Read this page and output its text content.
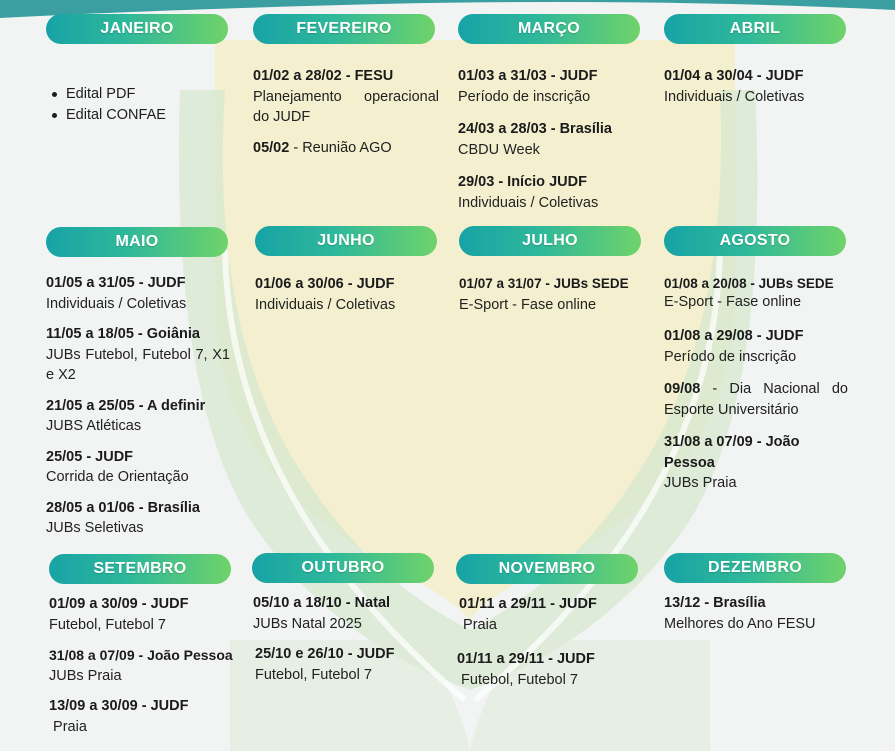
JANEIRO
Edital PDF
Edital CONFAE
FEVEREIRO
01/02 a 28/02 - FESU
Planejamento operacional do JUDF
05/02 - Reunião AGO
MARÇO
01/03 a 31/03 - JUDF
Período de inscrição
24/03 a 28/03 - Brasília
CBDU Week
29/03 - Início JUDF
Individuais / Coletivas
ABRIL
01/04 a 30/04 - JUDF
Individuais / Coletivas
MAIO
01/05 a 31/05 - JUDF
Individuais / Coletivas
11/05 a 18/05 - Goiânia
JUBs Futebol, Futebol 7, X1 e X2
21/05 a 25/05 - A definir
JUBS Atléticas
25/05 - JUDF
Corrida de Orientação
28/05 a 01/06 - Brasília
JUBs Seletivas
JUNHO
01/06 a 30/06 - JUDF
Individuais / Coletivas
JULHO
01/07 a 31/07 - JUBs SEDE
E-Sport - Fase online
AGOSTO
01/08 a 20/08 - JUBs SEDE
E-Sport - Fase online
01/08 a 29/08 - JUDF
Período de inscrição
09/08 - Dia Nacional do Esporte Universitário
31/08 a 07/09 - João Pessoa
JUBs Praia
SETEMBRO
01/09 a 30/09 - JUDF
Futebol, Futebol 7
31/08 a 07/09 - João Pessoa
JUBs Praia
13/09 a 30/09 - JUDF
Praia
OUTUBRO
05/10 a 18/10 - Natal
JUBs Natal 2025
25/10 e 26/10 - JUDF
Futebol, Futebol 7
NOVEMBRO
01/11 a 29/11 - JUDF
Praia
01/11 a 29/11 - JUDF
Futebol, Futebol 7
DEZEMBRO
13/12 - Brasília
Melhores do Ano FESU
